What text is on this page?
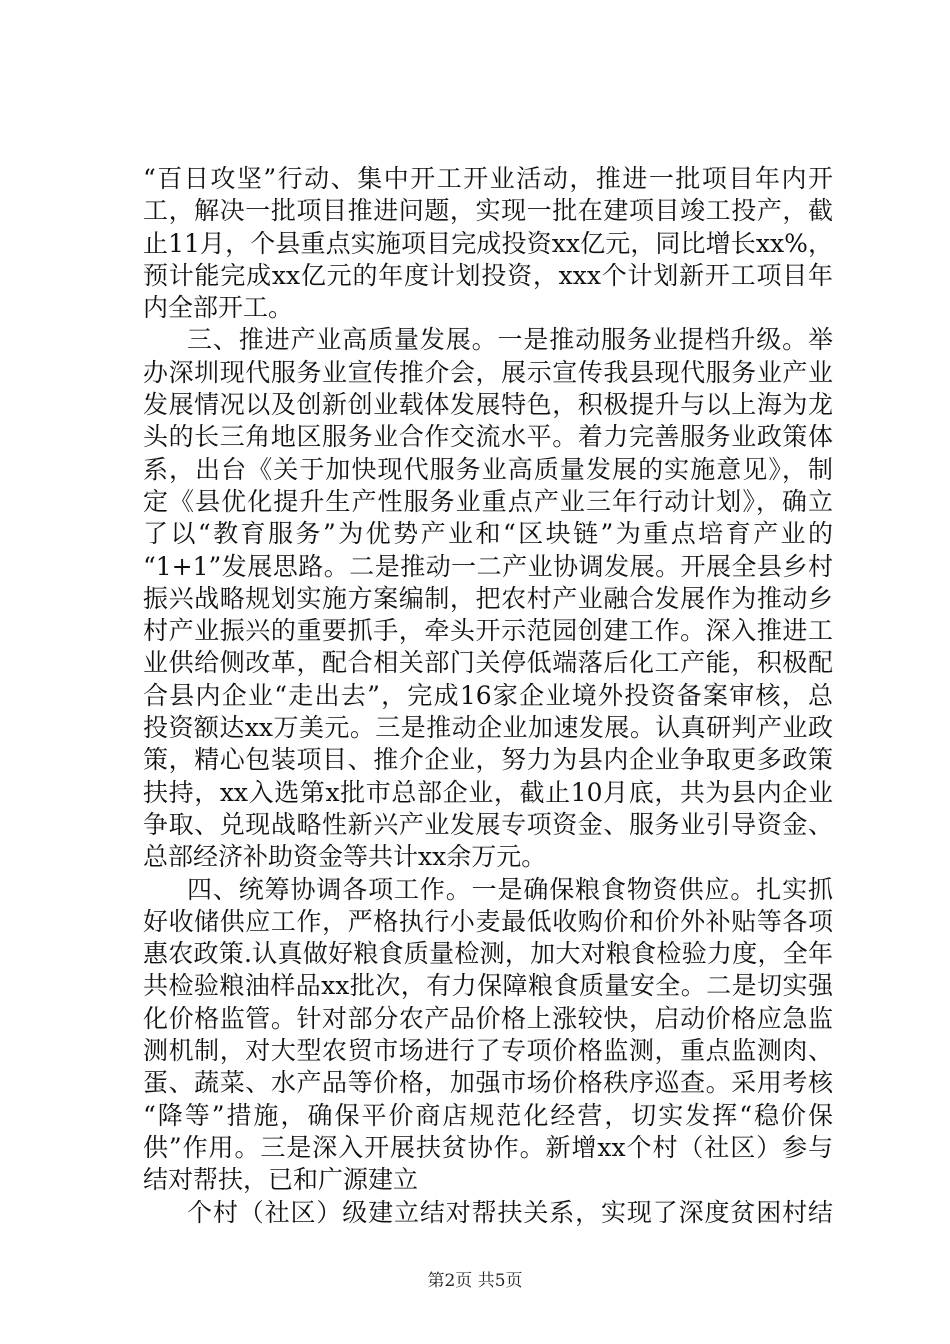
“百日攻坚”行动、集中开工开业活动，推进一批项目年内开
工，解决一批项目推进问题，实现一批在建项目竣工投产，截
止11月，个县重点实施项目完成投资xx亿元，同比增长xx%，
预计能完成xx亿元的年度计划投资，xxx个计划新开工项目年
内全部开工。
三、推进产业高质量发展。一是推动服务业提档升级。举
办深圳现代服务业宣传推介会，展示宣传我县现代服务业产业
发展情况以及创新创业载体发展特色，积极提升与以上海为龙
头的长三角地区服务业合作交流水平。着力完善服务业政策体
系，出台《关于加快现代服务业高质量发展的实施意见》，制
定《县优化提升生产性服务业重点产业三年行动计划》，确立
了以“教育服务”为优势产业和“区块链”为重点培育产业的
“1+1”发展思路。二是推动一二产业协调发展。开展全县乡村
振兴战略规划实施方案编制，把农村产业融合发展作为推动乡
村产业振兴的重要抓手，牵头开示范园创建工作。深入推进工
业供给侧改革，配合相关部门关停低端落后化工产能，积极配
合县内企业“走出去”，完成16家企业境外投资备案审核，总
投资额达xx万美元。三是推动企业加速发展。认真研判产业政
策，精心包装项目、推介企业，努力为县内企业争取更多政策
扶持，xx入选第x批市总部企业，截止10月底，共为县内企业
争取、兑现战略性新兴产业发展专项资金、服务业引导资金、
总部经济补助资金等共计xx余万元。
四、统筹协调各项工作。一是确保粮食物资供应。扎实抓
好收储供应工作，严格执行小麦最低收购价和价外补贴等各项
惠农政策.认真做好粮食质量检测，加大对粮食检验力度，全年
共检验粮油样品xx批次，有力保障粮食质量安全。二是切实强
化价格监管。针对部分农产品价格上涨较快，启动价格应急监
测机制，对大型农贸市场进行了专项价格监测，重点监测肉、
蛋、蔬菜、水产品等价格，加强市场价格秩序巡查。采用考核
“降等”措施，确保平价商店规范化经营，切实发挥“稳价保
供”作用。三是深入开展扶贫协作。新增xx个村（社区）参与
结对帮扶，已和广源建立
个村（社区）级建立结对帮扶关系，实现了深度贫困村结
第2页 共5页
